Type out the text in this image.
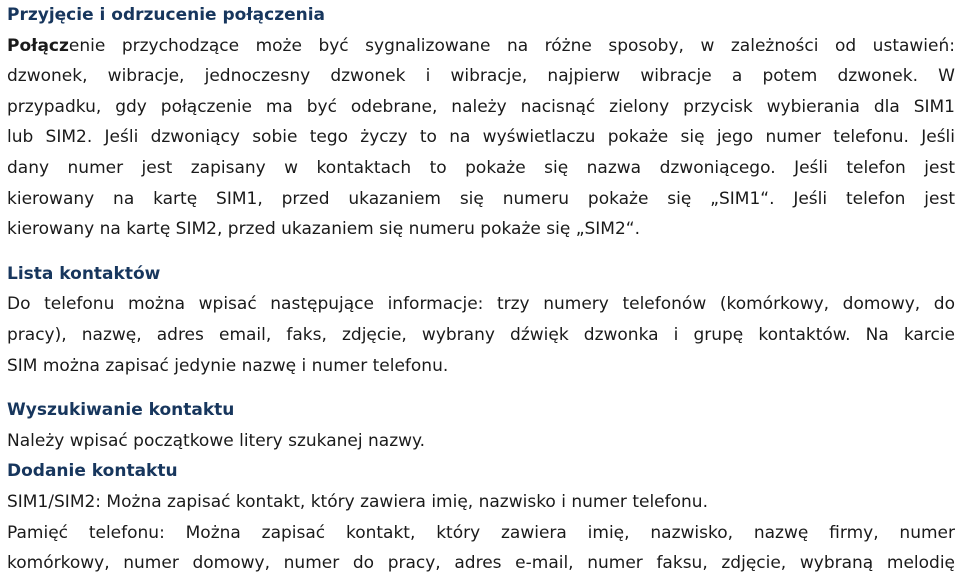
Przyjęcie i odrzucenie połączenia
Połączenie przychodzące może być sygnalizowane na różne sposoby, w zależności od ustawień:
dzwonek, wibracje, jednoczesny dzwonek i wibracje, najpierw wibracje a potem dzwonek. W
przypadku, gdy połączenie ma być odebrane, należy nacisnąć zielony przycisk wybierania dla SIM1
lub SIM2. Jeśli dzwoniący sobie tego życzy to na wyświetlaczu pokaże się jego numer telefonu. Jeśli
dany numer jest zapisany w kontaktach to pokaże się nazwa dzwoniącego. Jeśli telefon jest
kierowany na kartę SIM1, przed ukazaniem się numeru pokaże się „SIM1“. Jeśli telefon jest
kierowany na kartę SIM2, przed ukazaniem się numeru pokaże się „SIM2“.
Lista kontaktów
Do telefonu można wpisać następujące informacje: trzy numery telefonów (komórkowy, domowy, do
pracy), nazwę, adres email, faks, zdjęcie, wybrany dźwięk dzwonka i grupę kontaktów. Na karcie
SIM można zapisać jedynie nazwę i numer telefonu.
Wyszukiwanie kontaktu
Należy wpisać początkowe litery szukanej nazwy.
Dodanie kontaktu
SIM1/SIM2: Można zapisać kontakt, który zawiera imię, nazwisko i numer telefonu.
Pamięć telefonu: Można zapisać kontakt, który zawiera imię, nazwisko, nazwę firmy, numer
komórkowy, numer domowy, numer do pracy, adres e-mail, numer faksu, zdjęcie, wybraną melodię
